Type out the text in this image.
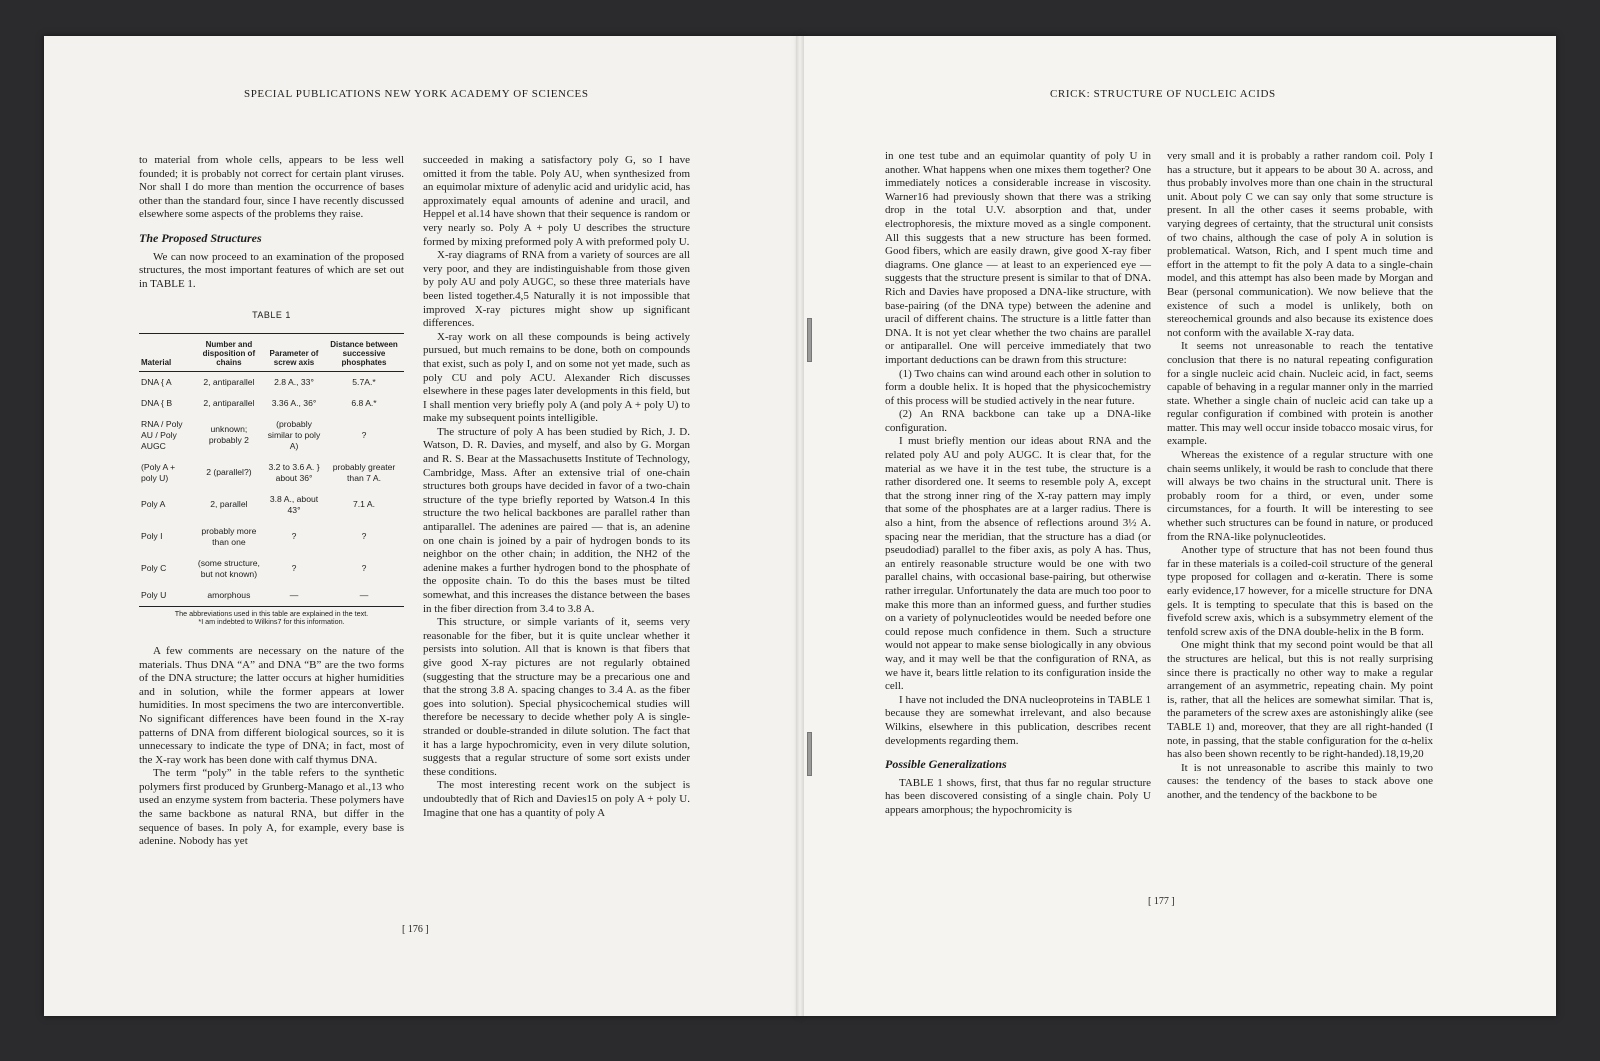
SPECIAL PUBLICATIONS NEW YORK ACADEMY OF SCIENCES

to material from whole cells, appears to be less well founded; it is probably not correct for certain plant viruses. Nor shall I do more than mention the occurrence of bases other than the standard four, since I have recently discussed elsewhere some aspects of the problems they raise.

The Proposed Structures

We can now proceed to an examination of the proposed structures, the most important features of which are set out in TABLE 1.

TABLE 1
Material	Number and disposition of chains	Parameter of screw axis	Distance between successive phosphates
DNA { A	2, antiparallel	2.8 A., 33°	5.7A.*
DNA { B	2, antiparallel	3.36 A., 36°	6.8 A.*
RNA / Poly AU / Poly AUGC	unknown; probably 2	(probably similar to poly A)	?
(Poly A + poly U)	2 (parallel?)	3.2 to 3.6 A. } about 36°	probably greater than 7 A.
Poly A	2, parallel	3.8 A., about 43°	7.1 A.
Poly I	probably more than one	?	?
Poly C	(some structure, but not known)	?	?
Poly U	amorphous	—	—
The abbreviations used in this table are explained in the text.
*I am indebted to Wilkins7 for this information.

A few comments are necessary on the nature of the materials. Thus DNA “A” and DNA “B” are the two forms of the DNA structure; the latter occurs at higher humidities and in solution, while the former appears at lower humidities. In most specimens the two are interconvertible. No significant differences have been found in the X-ray patterns of DNA from different biological sources, so it is unnecessary to indicate the type of DNA; in fact, most of the X-ray work has been done with calf thymus DNA.

The term “poly” in the table refers to the synthetic polymers first produced by Grunberg-Manago et al.,13 who used an enzyme system from bacteria. These polymers have the same backbone as natural RNA, but differ in the sequence of bases. In poly A, for example, every base is adenine. Nobody has yet

succeeded in making a satisfactory poly G, so I have omitted it from the table. Poly AU, when synthesized from an equimolar mixture of adenylic acid and uridylic acid, has approximately equal amounts of adenine and uracil, and Heppel et al.14 have shown that their sequence is random or very nearly so. Poly A + poly U describes the structure formed by mixing preformed poly A with preformed poly U.

X-ray diagrams of RNA from a variety of sources are all very poor, and they are indistinguishable from those given by poly AU and poly AUGC, so these three materials have been listed together.4,5 Naturally it is not impossible that improved X-ray pictures might show up significant differences.

X-ray work on all these compounds is being actively pursued, but much remains to be done, both on compounds that exist, such as poly I, and on some not yet made, such as poly CU and poly ACU. Alexander Rich discusses elsewhere in these pages later developments in this field, but I shall mention very briefly poly A (and poly A + poly U) to make my subsequent points intelligible.

The structure of poly A has been studied by Rich, J. D. Watson, D. R. Davies, and myself, and also by G. Morgan and R. S. Bear at the Massachusetts Institute of Technology, Cambridge, Mass. After an extensive trial of one-chain structures both groups have decided in favor of a two-chain structure of the type briefly reported by Watson.4 In this structure the two helical backbones are parallel rather than antiparallel. The adenines are paired — that is, an adenine on one chain is joined by a pair of hydrogen bonds to its neighbor on the other chain; in addition, the NH2 of the adenine makes a further hydrogen bond to the phosphate of the opposite chain. To do this the bases must be tilted somewhat, and this increases the distance between the bases in the fiber direction from 3.4 to 3.8 A.

This structure, or simple variants of it, seems very reasonable for the fiber, but it is quite unclear whether it persists into solution. All that is known is that fibers that give good X-ray pictures are not regularly obtained (suggesting that the structure may be a precarious one and that the strong 3.8 A. spacing changes to 3.4 A. as the fiber goes into solution). Special physicochemical studies will therefore be necessary to decide whether poly A is single-stranded or double-stranded in dilute solution. The fact that it has a large hypochromicity, even in very dilute solution, suggests that a regular structure of some sort exists under these conditions.

The most interesting recent work on the subject is undoubtedly that of Rich and Davies15 on poly A + poly U. Imagine that one has a quantity of poly A

[ 176 ]
CRICK: STRUCTURE OF NUCLEIC ACIDS

in one test tube and an equimolar quantity of poly U in another. What happens when one mixes them together? One immediately notices a considerable increase in viscosity. Warner16 had previously shown that there was a striking drop in the total U.V. absorption and that, under electrophoresis, the mixture moved as a single component. All this suggests that a new structure has been formed. Good fibers, which are easily drawn, give good X-ray fiber diagrams. One glance — at least to an experienced eye — suggests that the structure present is similar to that of DNA. Rich and Davies have proposed a DNA-like structure, with base-pairing (of the DNA type) between the adenine and uracil of different chains. The structure is a little fatter than DNA. It is not yet clear whether the two chains are parallel or antiparallel. One will perceive immediately that two important deductions can be drawn from this structure:

(1) Two chains can wind around each other in solution to form a double helix. It is hoped that the physicochemistry of this process will be studied actively in the near future.

(2) An RNA backbone can take up a DNA-like configuration.

I must briefly mention our ideas about RNA and the related poly AU and poly AUGC. It is clear that, for the material as we have it in the test tube, the structure is a rather disordered one. It seems to resemble poly A, except that the strong inner ring of the X-ray pattern may imply that some of the phosphates are at a larger radius. There is also a hint, from the absence of reflections around 3½ A. spacing near the meridian, that the structure has a diad (or pseudodiad) parallel to the fiber axis, as poly A has. Thus, an entirely reasonable structure would be one with two parallel chains, with occasional base-pairing, but otherwise rather irregular. Unfortunately the data are much too poor to make this more than an informed guess, and further studies on a variety of polynucleotides would be needed before one could repose much confidence in them. Such a structure would not appear to make sense biologically in any obvious way, and it may well be that the configuration of RNA, as we have it, bears little relation to its configuration inside the cell.

I have not included the DNA nucleoproteins in TABLE 1 because they are somewhat irrelevant, and also because Wilkins, elsewhere in this publication, describes recent developments regarding them.

Possible Generalizations

TABLE 1 shows, first, that thus far no regular structure has been discovered consisting of a single chain. Poly U appears amorphous; the hypochromicity is

very small and it is probably a rather random coil. Poly I has a structure, but it appears to be about 30 A. across, and thus probably involves more than one chain in the structural unit. About poly C we can say only that some structure is present. In all the other cases it seems probable, with varying degrees of certainty, that the structural unit consists of two chains, although the case of poly A in solution is problematical. Watson, Rich, and I spent much time and effort in the attempt to fit the poly A data to a single-chain model, and this attempt has also been made by Morgan and Bear (personal communication). We now believe that the existence of such a model is unlikely, both on stereochemical grounds and also because its existence does not conform with the available X-ray data.

It seems not unreasonable to reach the tentative conclusion that there is no natural repeating configuration for a single nucleic acid chain. Nucleic acid, in fact, seems capable of behaving in a regular manner only in the married state. Whether a single chain of nucleic acid can take up a regular configuration if combined with protein is another matter. This may well occur inside tobacco mosaic virus, for example.

Whereas the existence of a regular structure with one chain seems unlikely, it would be rash to conclude that there will always be two chains in the structural unit. There is probably room for a third, or even, under some circumstances, for a fourth. It will be interesting to see whether such structures can be found in nature, or produced from the RNA-like polynucleotides.

Another type of structure that has not been found thus far in these materials is a coiled-coil structure of the general type proposed for collagen and α-keratin. There is some early evidence,17 however, for a micelle structure for DNA gels. It is tempting to speculate that this is based on the fivefold screw axis, which is a subsymmetry element of the tenfold screw axis of the DNA double-helix in the B form.

One might think that my second point would be that all the structures are helical, but this is not really surprising since there is practically no other way to make a regular arrangement of an asymmetric, repeating chain. My point is, rather, that all the helices are somewhat similar. That is, the parameters of the screw axes are astonishingly alike (see TABLE 1) and, moreover, that they are all right-handed (I note, in passing, that the stable configuration for the α-helix has also been shown recently to be right-handed).18,19,20

It is not unreasonable to ascribe this mainly to two causes: the tendency of the bases to stack above one another, and the tendency of the backbone to be

[ 177 ]
